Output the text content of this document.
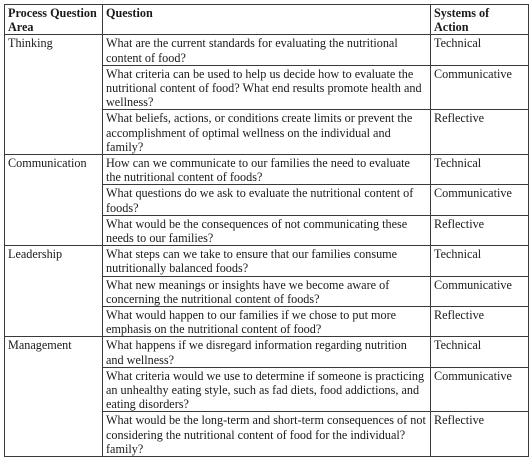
Process Question Area	Question	Systems of Action
Thinking	What are the current standards for evaluating the nutritional content of food?	Technical
	What criteria can be used to help us decide how to evaluate the nutritional content of food? What end results promote health and wellness?	Communicative
	What beliefs, actions, or conditions create limits or prevent the accomplishment of optimal wellness on the individual and family?	Reflective
Communication	How can we communicate to our families the need to evaluate the nutritional content of foods?	Technical
	What questions do we ask to evaluate the nutritional content of foods?	Communicative
	What would be the consequences of not communicating these needs to our families?	Reflective
Leadership	What steps can we take to ensure that our families consume nutritionally balanced foods?	Technical
	What new meanings or insights have we become aware of concerning the nutritional content of foods?	Communicative
	What would happen to our families if we chose to put more emphasis on the nutritional content of food?	Reflective
Management	What happens if we disregard information regarding nutrition and wellness?	Technical
	What criteria would we use to determine if someone is practicing an unhealthy eating style, such as fad diets, food addictions, and eating disorders?	Communicative
	What would be the long-term and short-term consequences of not considering the nutritional content of food for the individual? family?	Reflective
